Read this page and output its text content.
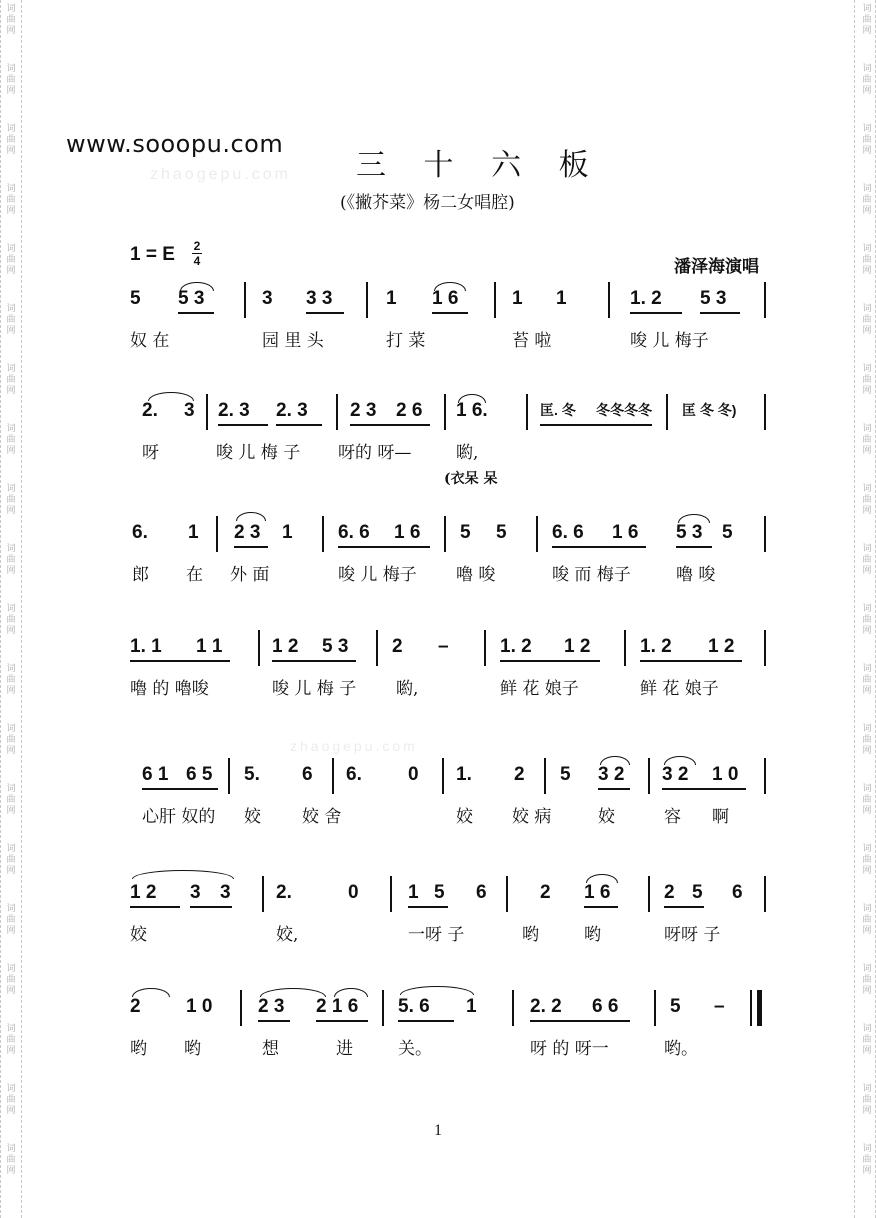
词
曲
网
词
曲
网
词
曲
网
词
曲
网
词
曲
网
词
曲
网
词
曲
网
词
曲
网
词
曲
网
词
曲
网
词
曲
网
词
曲
网
词
曲
网
词
曲
网
词
曲
网
词
曲
网
词
曲
网
词
曲
网
词
曲
网
词
曲
网
词
曲
网
词
曲
网
词
曲
网
词
曲
网
词
曲
网
词
曲
网
词
曲
网
词
曲
网
词
曲
网
词
曲
网
词
曲
网
词
曲
网
词
曲
网
词
曲
网
词
曲
网
词
曲
网
词
曲
网
词
曲
网
词
曲
网
词
曲
网
zhaogepu.com
zhaogepu.com
www.sooopu.com
三 十 六 板
(《撇芥菜》杨二女唱腔)
1 = E 2
4	潘泽海演唱
5 5 3	3 3 3	1 1 6	1 1	1. 2 5 3
奴 在	园 里 头	打 菜	苔 啦	唆 儿 梅子
2. 3 2. 3 2. 3 2 3 2 6 1 6.	匡. 冬 冬冬冬冬 匡 冬 冬)
呀	唆 儿 梅 子 呀的 呀—	喲,
(衣呆 呆
6. 1 2 3 1 6. 6 1 6 5 5 6. 6 1 6 5 3 5
郎 在 外 面	唆 儿 梅子 嚕 唆	唆 而 梅子	嚕 唆
1. 1 1 1	1 2 5 3 2 –	1. 2 1 2	1. 2 1 2
嚕 的 嚕唆	唆 儿 梅 子 喲,	鲜 花 娘子	鲜 花 娘子
6 1 6 5 5. 6 6. 0 1. 2 5 3 2 3 2 1 0
心肝 奴的 姣 姣 舍	姣 姣 病	姣	容 啊
1 2 3 3 2.	0	1 5 6	2 1 6	2 5 6
姣	姣,	一呀 子	哟	哟	呀呀 子
2 1 0 2 3 2 1 6 5. 6 1	2. 2 6 6	5 –
哟 哟	想	进	关。	呀 的 呀一	哟。
1
